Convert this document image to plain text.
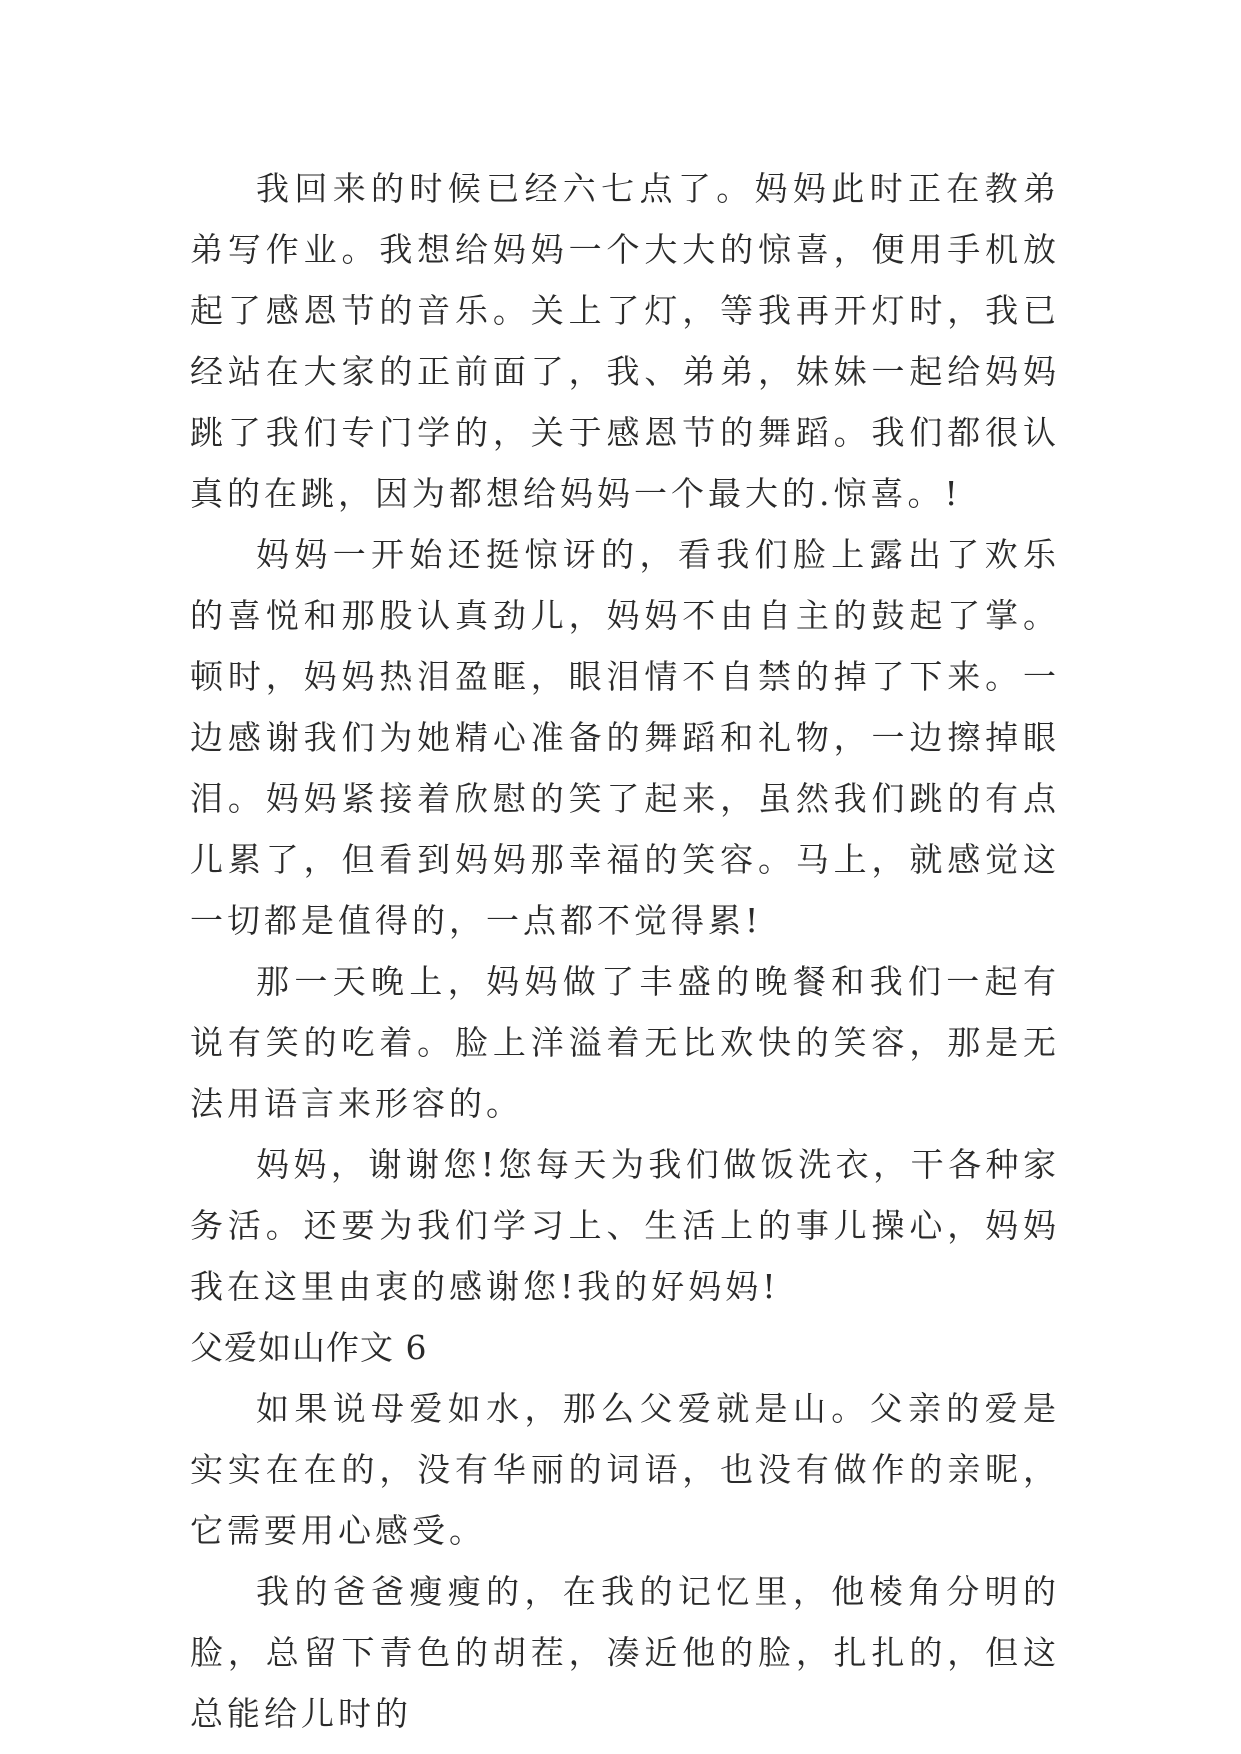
我回来的时候已经六七点了。妈妈此时正在教弟弟写作业。我想给妈妈一个大大的惊喜，便用手机放起了感恩节的音乐。关上了灯，等我再开灯时，我已经站在大家的正前面了，我、弟弟，妹妹一起给妈妈跳了我们专门学的，关于感恩节的舞蹈。我们都很认真的在跳，因为都想给妈妈一个最大的.惊喜。!

妈妈一开始还挺惊讶的，看我们脸上露出了欢乐的喜悦和那股认真劲儿，妈妈不由自主的鼓起了掌。顿时，妈妈热泪盈眶，眼泪情不自禁的掉了下来。一边感谢我们为她精心准备的舞蹈和礼物，一边擦掉眼泪。妈妈紧接着欣慰的笑了起来，虽然我们跳的有点儿累了，但看到妈妈那幸福的笑容。马上，就感觉这一切都是值得的，一点都不觉得累!

那一天晚上，妈妈做了丰盛的晚餐和我们一起有说有笑的吃着。脸上洋溢着无比欢快的笑容，那是无法用语言来形容的。

妈妈，谢谢您!您每天为我们做饭洗衣，干各种家务活。还要为我们学习上、生活上的事儿操心，妈妈我在这里由衷的感谢您!我的好妈妈!

父爱如山作文 6

如果说母爱如水，那么父爱就是山。父亲的爱是实实在在的，没有华丽的词语，也没有做作的亲昵，它需要用心感受。

我的爸爸瘦瘦的，在我的记忆里，他棱角分明的脸，总留下青色的胡茬，凑近他的脸，扎扎的，但这总能给儿时的
